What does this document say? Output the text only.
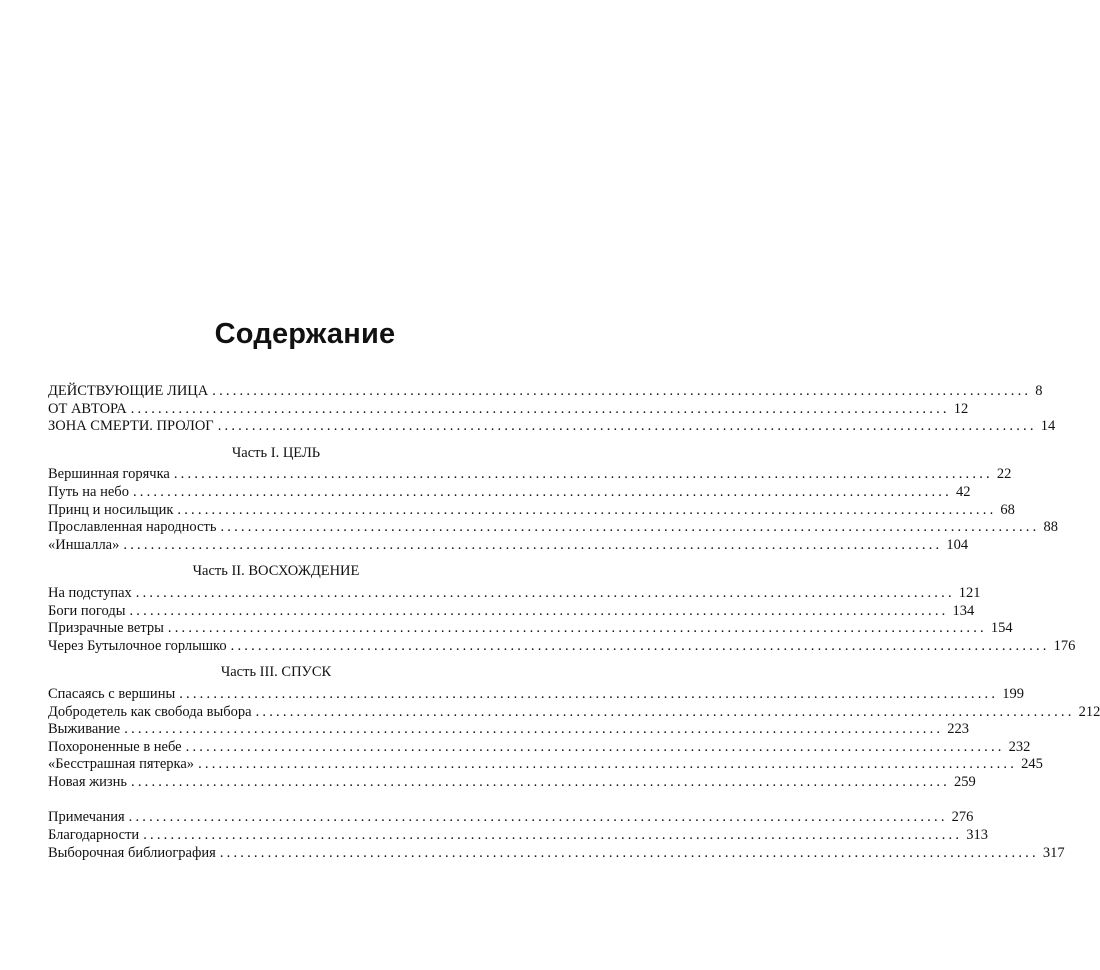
Содержание
ДЕЙСТВУЮЩИЕ ЛИЦА ........................................................................................................................ 8
ОТ АВТОРА ........................................................................................................................ 12
ЗОНА СМЕРТИ. ПРОЛОГ ........................................................................................................................ 14
Часть I. ЦЕЛЬ
Вершинная горячка ........................................................................................................................ 22
Путь на небо ........................................................................................................................ 42
Принц и носильщик ........................................................................................................................ 68
Прославленная народность ........................................................................................................................ 88
«Иншалла» ........................................................................................................................ 104
Часть II. ВОСХОЖДЕНИЕ
На подступах ........................................................................................................................ 121
Боги погоды ........................................................................................................................ 134
Призрачные ветры ........................................................................................................................ 154
Через Бутылочное горлышко ........................................................................................................................ 176
Часть III. СПУСК
Спасаясь с вершины ........................................................................................................................ 199
Добродетель как свобода выбора ........................................................................................................................ 212
Выживание ........................................................................................................................ 223
Похороненные в небе ........................................................................................................................ 232
«Бесстрашная пятерка» ........................................................................................................................ 245
Новая жизнь ........................................................................................................................ 259
Примечания ........................................................................................................................ 276
Благодарности ........................................................................................................................ 313
Выборочная библиография ........................................................................................................................ 317
